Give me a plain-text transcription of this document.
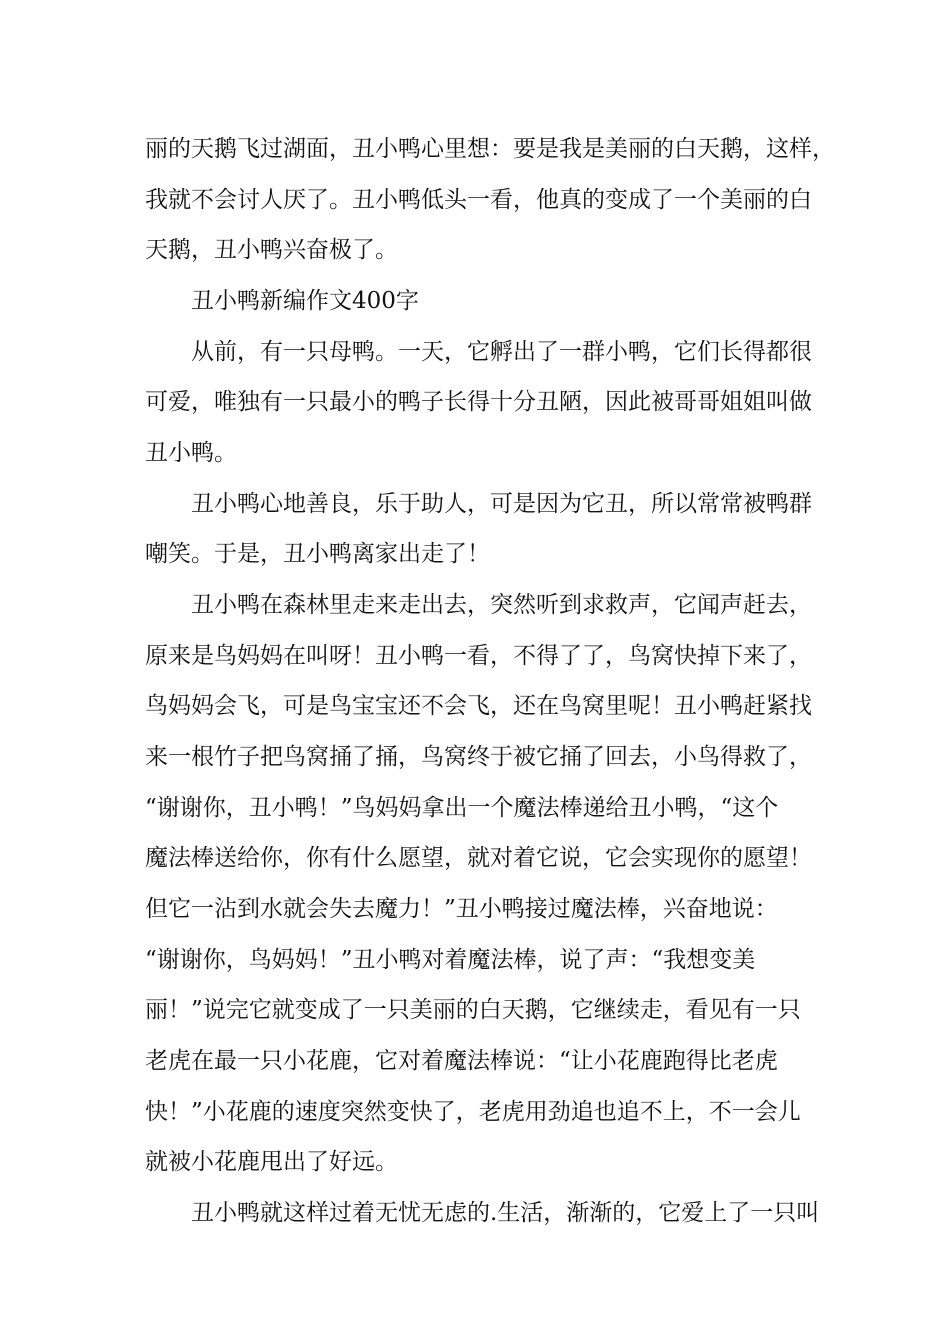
丽的天鹅飞过湖面，丑小鸭心里想：要是我是美丽的白天鹅，这样，
我就不会讨人厌了。丑小鸭低头一看，他真的变成了一个美丽的白
天鹅，丑小鸭兴奋极了。
丑小鸭新编作文400字
从前，有一只母鸭。一天，它孵出了一群小鸭，它们长得都很
可爱，唯独有一只最小的鸭子长得十分丑陋，因此被哥哥姐姐叫做
丑小鸭。
丑小鸭心地善良，乐于助人，可是因为它丑，所以常常被鸭群
嘲笑。于是，丑小鸭离家出走了！
丑小鸭在森林里走来走出去，突然听到求救声，它闻声赶去，
原来是鸟妈妈在叫呀！丑小鸭一看，不得了了，鸟窝快掉下来了，
鸟妈妈会飞，可是鸟宝宝还不会飞，还在鸟窝里呢！丑小鸭赶紧找
来一根竹子把鸟窝捅了捅，鸟窝终于被它捅了回去，小鸟得救了，
“谢谢你，丑小鸭！”鸟妈妈拿出一个魔法棒递给丑小鸭，“这个
魔法棒送给你，你有什么愿望，就对着它说，它会实现你的愿望！
但它一沾到水就会失去魔力！”丑小鸭接过魔法棒，兴奋地说：
“谢谢你，鸟妈妈！”丑小鸭对着魔法棒，说了声：“我想变美
丽！”说完它就变成了一只美丽的白天鹅，它继续走，看见有一只
老虎在最一只小花鹿，它对着魔法棒说：“让小花鹿跑得比老虎
快！”小花鹿的速度突然变快了，老虎用劲追也追不上，不一会儿
就被小花鹿甩出了好远。
丑小鸭就这样过着无忧无虑的.生活，渐渐的，它爱上了一只叫
